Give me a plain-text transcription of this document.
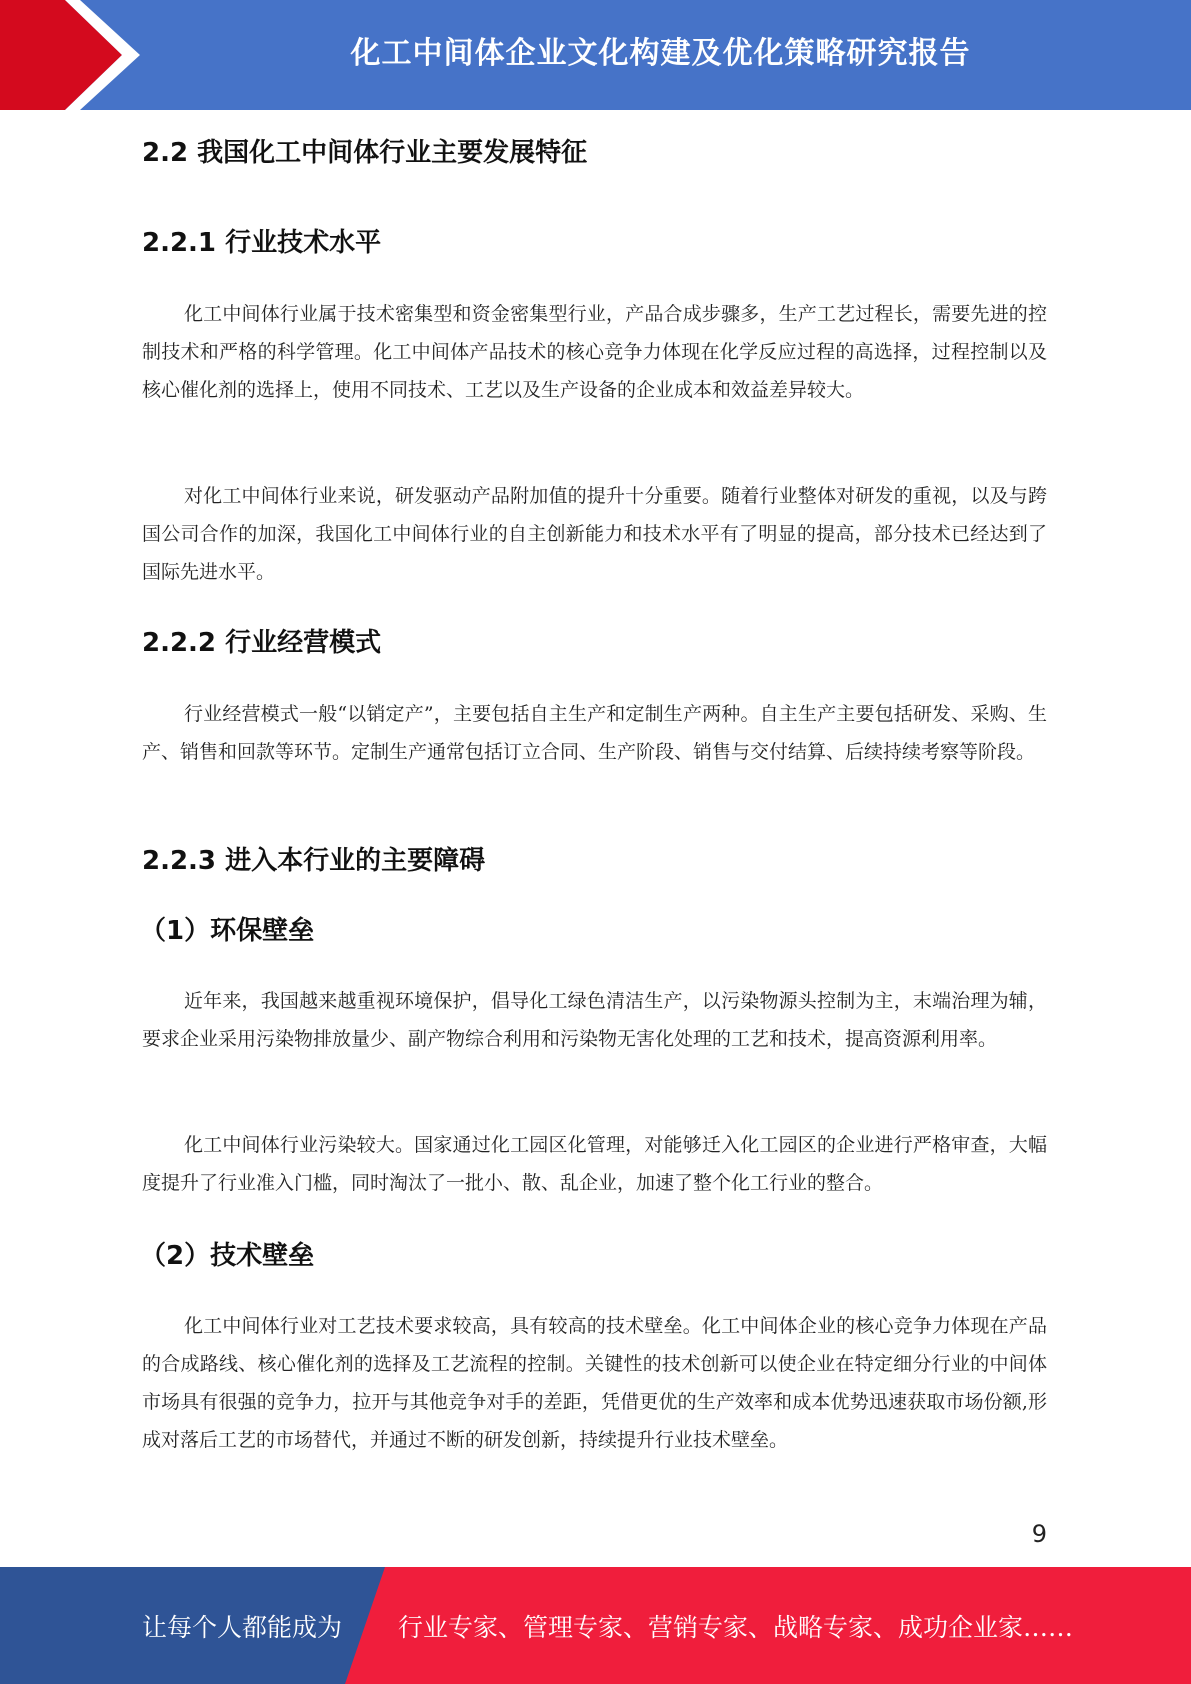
化工中间体企业文化构建及优化策略研究报告
2.2 我国化工中间体行业主要发展特征
2.2.1 行业技术水平

化工中间体行业属于技术密集型和资金密集型行业，产品合成步骤多，生产工艺过程长，需要先进的控制技术和严格的科学管理。化工中间体产品技术的核心竞争力体现在化学反应过程的高选择，过程控制以及核心催化剂的选择上，使用不同技术、工艺以及生产设备的企业成本和效益差异较大。

对化工中间体行业来说，研发驱动产品附加值的提升十分重要。随着行业整体对研发的重视，以及与跨国公司合作的加深，我国化工中间体行业的自主创新能力和技术水平有了明显的提高，部分技术已经达到了国际先进水平。

2.2.2 行业经营模式

行业经营模式一般“以销定产”，主要包括自主生产和定制生产两种。自主生产主要包括研发、采购、生产、销售和回款等环节。定制生产通常包括订立合同、生产阶段、销售与交付结算、后续持续考察等阶段。

2.2.3 进入本行业的主要障碍
（1）环保壁垒

近年来，我国越来越重视环境保护，倡导化工绿色清洁生产，以污染物源头控制为主，末端治理为辅，要求企业采用污染物排放量少、副产物综合利用和污染物无害化处理的工艺和技术，提高资源利用率。

化工中间体行业污染较大。国家通过化工园区化管理，对能够迁入化工园区的企业进行严格审查，大幅度提升了行业准入门槛，同时淘汰了一批小、散、乱企业，加速了整个化工行业的整合。

（2）技术壁垒

化工中间体行业对工艺技术要求较高，具有较高的技术壁垒。化工中间体企业的核心竞争力体现在产品的合成路线、核心催化剂的选择及工艺流程的控制。关键性的技术创新可以使企业在特定细分行业的中间体市场具有很强的竞争力，拉开与其他竞争对手的差距，凭借更优的生产效率和成本优势迅速获取市场份额,形成对落后工艺的市场替代，并通过不断的研发创新，持续提升行业技术壁垒。

9
让每个人都能成为	行业专家、管理专家、营销专家、战略专家、成功企业家……
